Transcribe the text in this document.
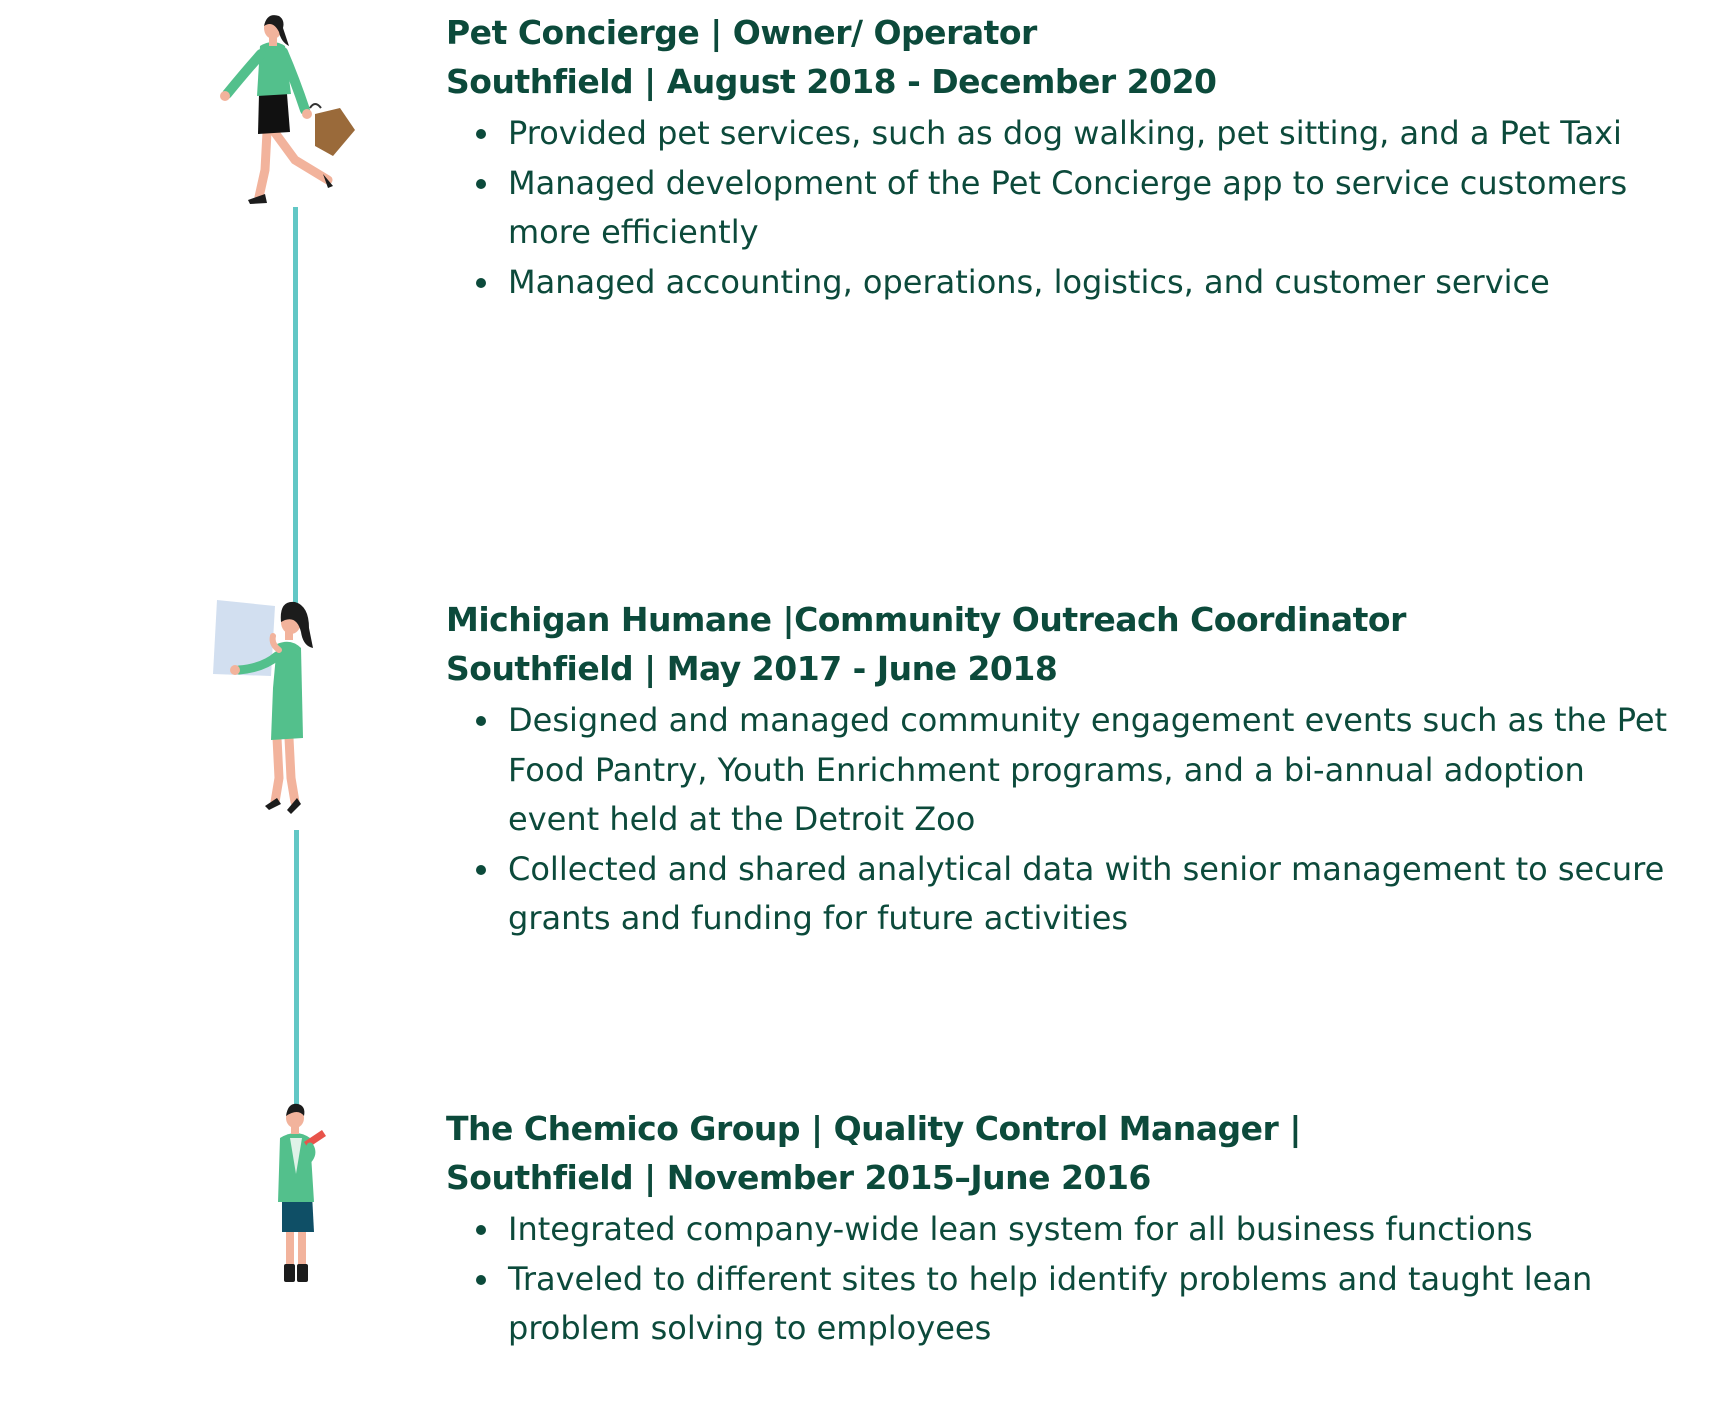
Pet Concierge | Owner/ Operator
Southfield | August 2018 - December 2020
Provided pet services, such as dog walking, pet sitting, and a Pet Taxi
Managed development of the Pet Concierge app to service customers more efficiently
Managed accounting, operations, logistics, and customer service
Michigan Humane |Community Outreach Coordinator
Southfield | May 2017 - June 2018
Designed and managed community engagement events such as the Pet Food Pantry, Youth Enrichment programs, and a bi-annual adoption event held at the Detroit Zoo
Collected and shared analytical data with senior management to secure grants and funding for future activities
The Chemico Group | Quality Control Manager |
Southfield | November 2015–June 2016
Integrated company-wide lean system for all business functions
Traveled to different sites to help identify problems and taught lean problem solving to employees
